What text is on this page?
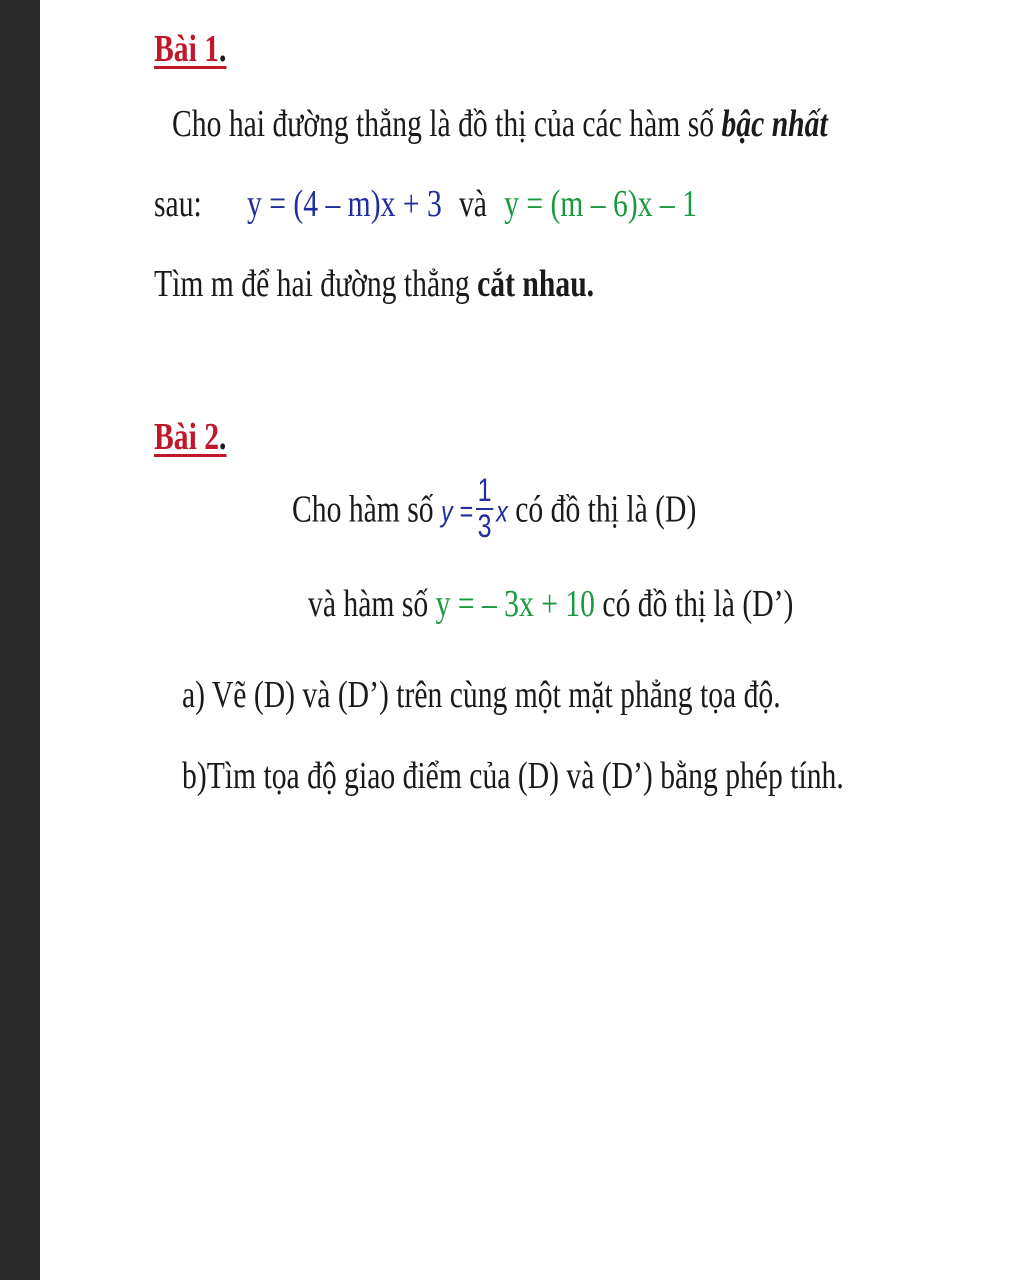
Bài 1.
Cho hai đường thẳng là đồ thị của các hàm số bậc nhất
sau: y = (4 – m)x + 3 và y = (m – 6)x – 1
Tìm m để hai đường thẳng cắt nhau.
Bài 2.
Cho hàm số $y = \frac{1}{3}$ x có đồ thị là (D)
và hàm số y = – 3x + 10 có đồ thị là (D’)
a) Vẽ (D) và (D’) trên cùng một mặt phẳng tọa độ.
b)Tìm tọa độ giao điểm của (D) và (D’) bằng phép tính.
